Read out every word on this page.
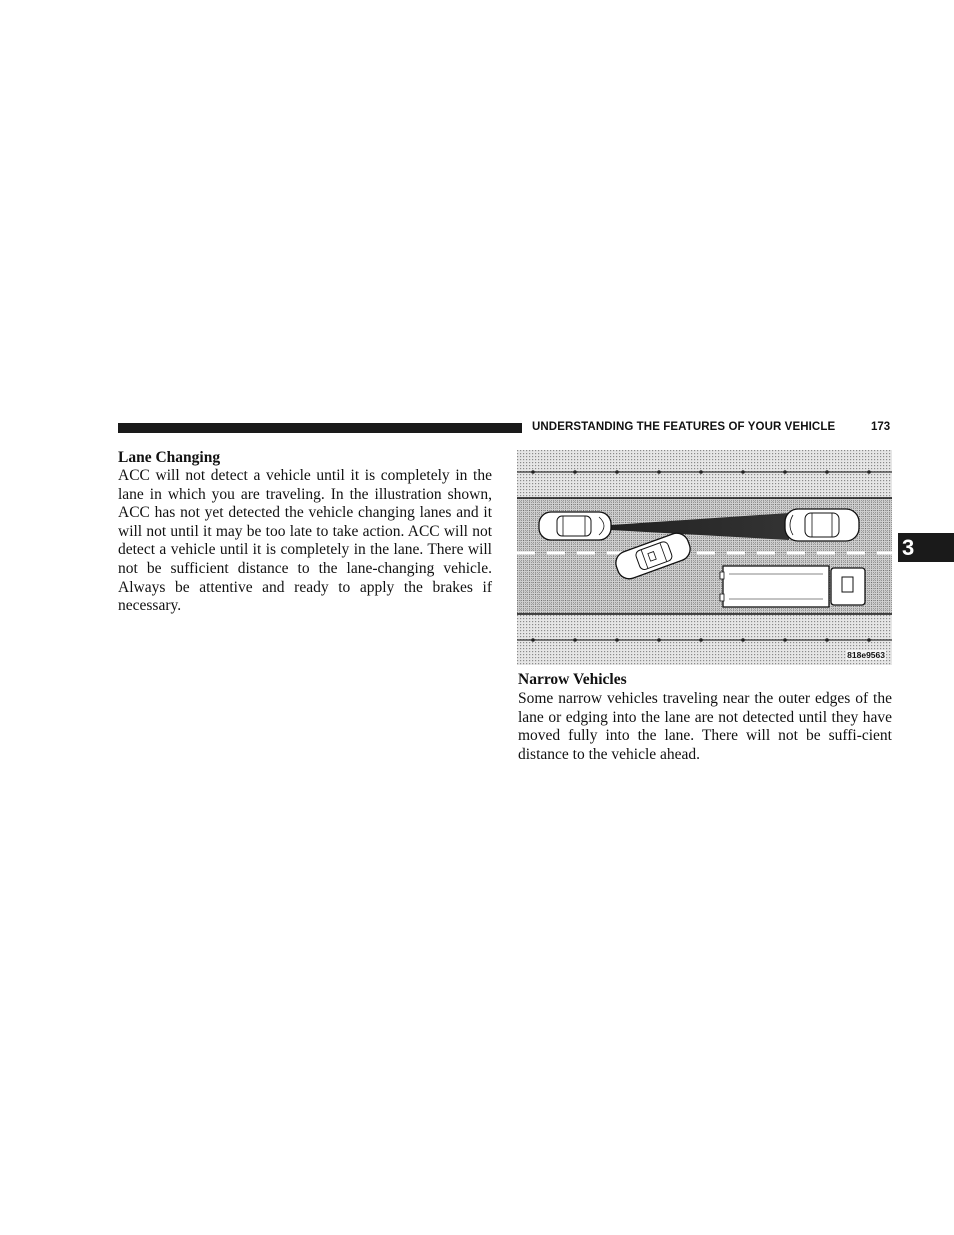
UNDERSTANDING THE FEATURES OF YOUR VEHICLE	173
3
Lane Changing

ACC will not detect a vehicle until it is completely in the lane in which you are traveling. In the illustration shown, ACC has not yet detected the vehicle changing lanes and it will not until it may be too late to take action. ACC will not detect a vehicle until it is completely in the lane. There will not be sufficient distance to the lane-changing vehicle. Always be attentive and ready to apply the brakes if necessary.

818e9563
Narrow Vehicles

Some narrow vehicles traveling near the outer edges of the lane or edging into the lane are not detected until they have moved fully into the lane. There will not be suffi-cient distance to the vehicle ahead.
